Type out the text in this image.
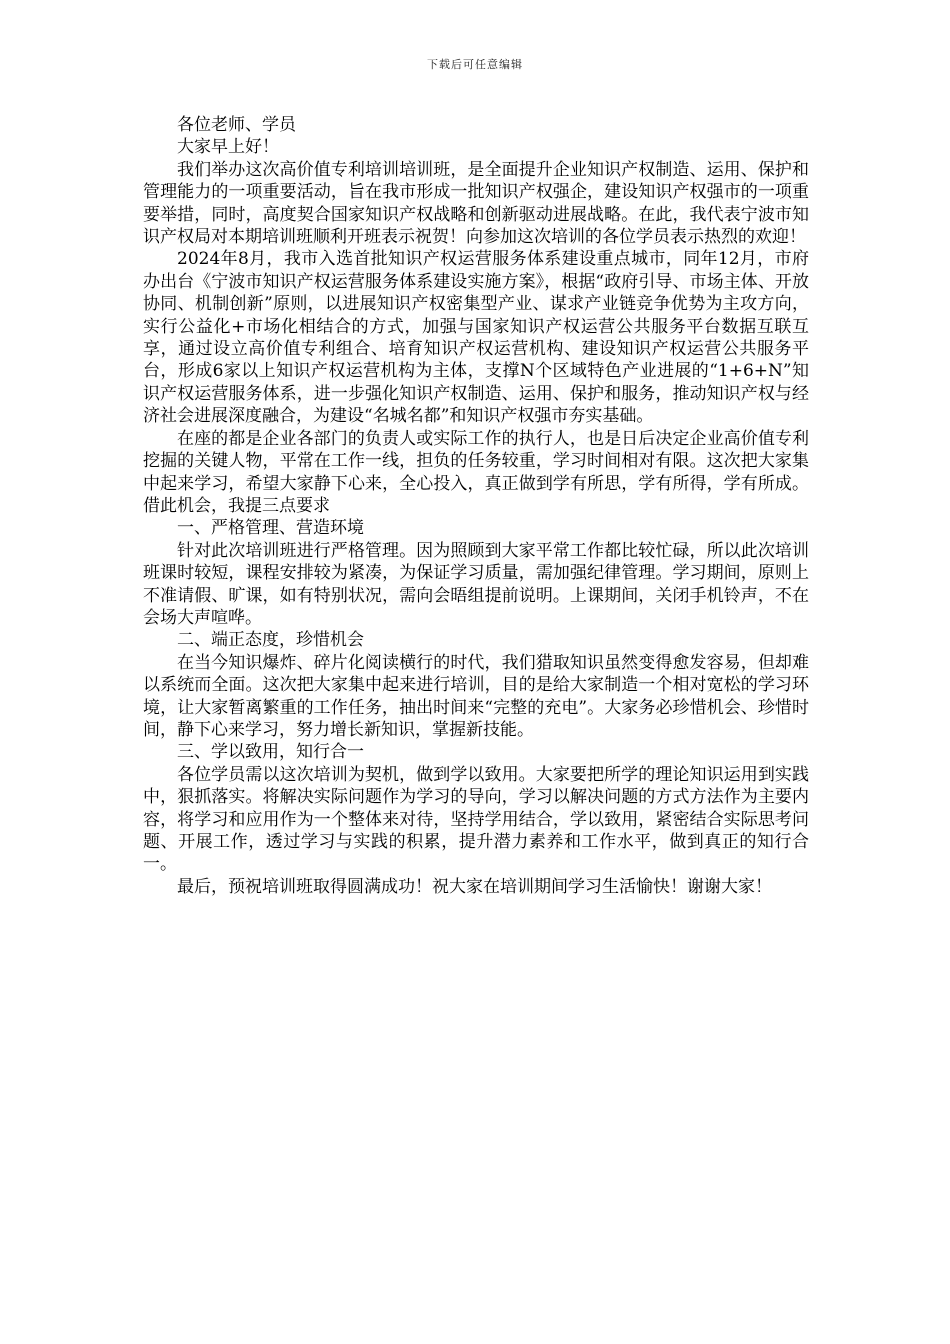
下载后可任意编辑

各位老师、学员

大家早上好！

我们举办这次高价值专利培训培训班，是全面提升企业知识产权制造、运用、保护和管理能力的一项重要活动，旨在我市形成一批知识产权强企，建设知识产权强市的一项重要举措，同时，高度契合国家知识产权战略和创新驱动进展战略。在此，我代表宁波市知识产权局对本期培训班顺利开班表示祝贺！向参加这次培训的各位学员表示热烈的欢迎！

2024年8月，我市入选首批知识产权运营服务体系建设重点城市，同年12月，市府办出台《宁波市知识产权运营服务体系建设实施方案》，根据“政府引导、市场主体、开放协同、机制创新”原则，以进展知识产权密集型产业、谋求产业链竞争优势为主攻方向，实行公益化+市场化相结合的方式，加强与国家知识产权运营公共服务平台数据互联互享，通过设立高价值专利组合、培育知识产权运营机构、建设知识产权运营公共服务平台，形成6家以上知识产权运营机构为主体，支撑N个区域特色产业进展的“1+6+N”知识产权运营服务体系，进一步强化知识产权制造、运用、保护和服务，推动知识产权与经济社会进展深度融合，为建设“名城名都”和知识产权强市夯实基础。

在座的都是企业各部门的负责人或实际工作的执行人，也是日后决定企业高价值专利挖掘的关键人物，平常在工作一线，担负的任务较重，学习时间相对有限。这次把大家集中起来学习，希望大家静下心来，全心投入，真正做到学有所思，学有所得，学有所成。借此机会，我提三点要求

一、严格管理、营造环境

针对此次培训班进行严格管理。因为照顾到大家平常工作都比较忙碌，所以此次培训班课时较短，课程安排较为紧凑，为保证学习质量，需加强纪律管理。学习期间，原则上不准请假、旷课，如有特别状况，需向会晤组提前说明。上课期间，关闭手机铃声，不在会场大声喧哗。

二、端正态度，珍惜机会

在当今知识爆炸、碎片化阅读横行的时代，我们猎取知识虽然变得愈发容易，但却难以系统而全面。这次把大家集中起来进行培训，目的是给大家制造一个相对宽松的学习环境，让大家暂离繁重的工作任务，抽出时间来“完整的充电”。大家务必珍惜机会、珍惜时间，静下心来学习，努力增长新知识，掌握新技能。

三、学以致用，知行合一

各位学员需以这次培训为契机，做到学以致用。大家要把所学的理论知识运用到实践中，狠抓落实。将解决实际问题作为学习的导向，学习以解决问题的方式方法作为主要内容，将学习和应用作为一个整体来对待，坚持学用结合，学以致用，紧密结合实际思考问题、开展工作，透过学习与实践的积累，提升潜力素养和工作水平，做到真正的知行合一。

最后，预祝培训班取得圆满成功！祝大家在培训期间学习生活愉快！谢谢大家！
